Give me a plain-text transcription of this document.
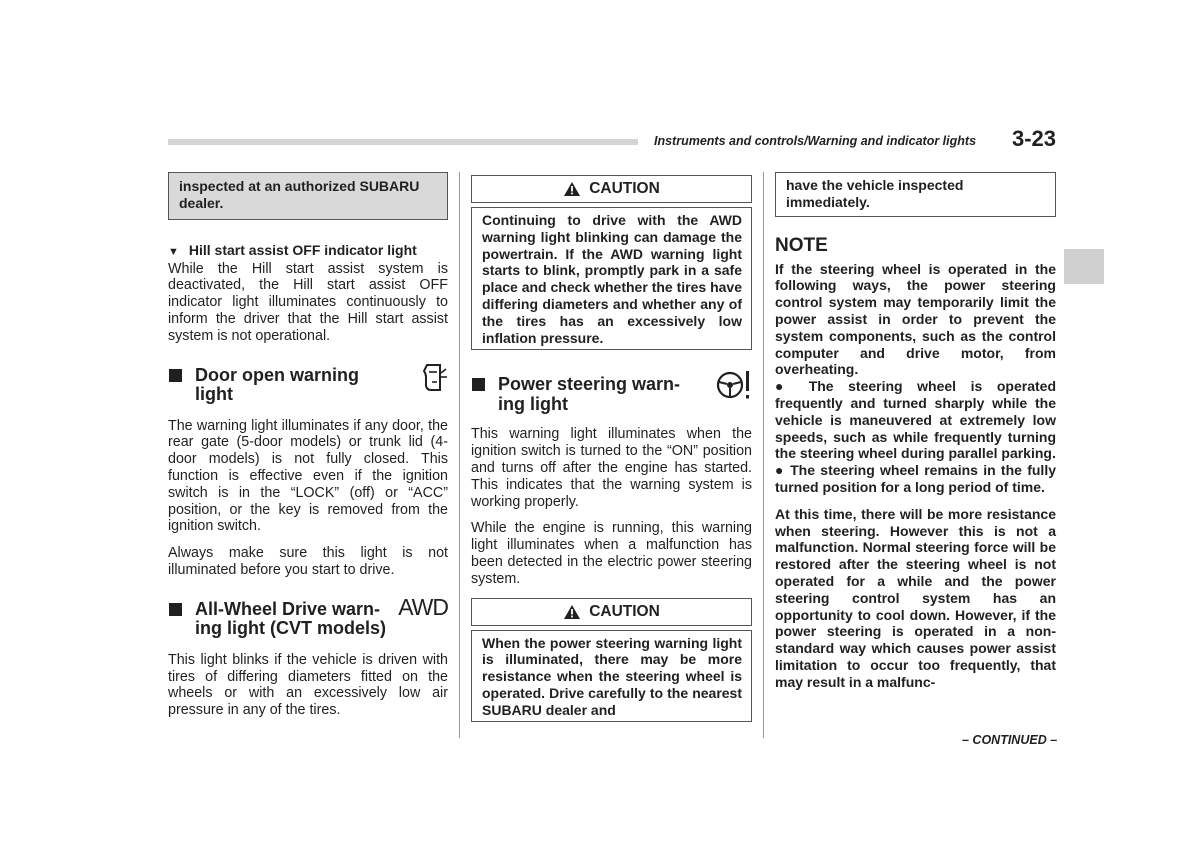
Instruments and controls/Warning and indicator lights 3-23
inspected at an authorized SUBARU dealer.
▼ Hill start assist OFF indicator light

While the Hill start assist system is deactivated, the Hill start assist OFF indicator light illuminates continuously to inform the driver that the Hill start assist system is not operational.

Door open warning
light

The warning light illuminates if any door, the rear gate (5-door models) or trunk lid (4-door models) is not fully closed. This function is effective even if the ignition switch is in the “LOCK” (off) or “ACC” position, or the key is removed from the ignition switch.

Always make sure this light is not illuminated before you start to drive.

All-Wheel Drive warn-
ing light (CVT models)
AWD

This light blinks if the vehicle is driven with tires of differing diameters fitted on the wheels or with an excessively low air pressure in any of the tires.

CAUTION
Continuing to drive with the AWD warning light blinking can damage the powertrain. If the AWD warning light starts to blink, promptly park in a safe place and check whether the tires have differing diameters and whether any of the tires has an excessively low inflation pressure.
Power steering warn-
ing light

This warning light illuminates when the ignition switch is turned to the “ON” position and turns off after the engine has started. This indicates that the warning system is working properly.

While the engine is running, this warning light illuminates when a malfunction has been detected in the electric power steering system.

CAUTION
When the power steering warning light is illuminated, there may be more resistance when the steering wheel is operated. Drive carefully to the nearest SUBARU dealer and
have the vehicle inspected immediately.
NOTE
If the steering wheel is operated in the following ways, the power steering control system may temporarily limit the power assist in order to prevent the system components, such as the control computer and drive motor, from overheating.
● The steering wheel is operated frequently and turned sharply while the vehicle is maneuvered at extremely low speeds, such as while frequently turning the steering wheel during parallel parking.
● The steering wheel remains in the fully turned position for a long period of time.
At this time, there will be more resistance when steering. However this is not a malfunction. Normal steering force will be restored after the steering wheel is not operated for a while and the power steering control system has an opportunity to cool down. However, if the power steering is operated in a non-standard way which causes power assist limitation to occur too frequently, that may result in a malfunc-
– CONTINUED –
